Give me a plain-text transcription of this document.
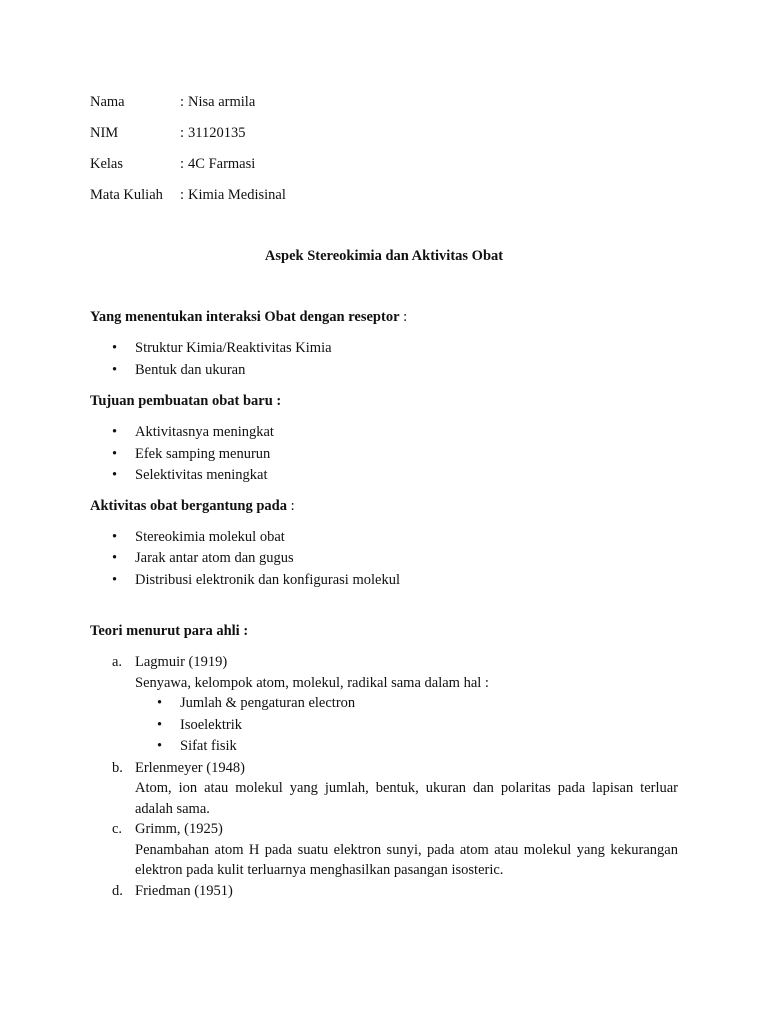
Nama	: Nisa armila
NIM	: 31120135
Kelas	: 4C Farmasi
Mata Kuliah	: Kimia Medisinal
Aspek Stereokimia dan Aktivitas Obat
Yang menentukan interaksi Obat dengan reseptor :
• Struktur Kimia/Reaktivitas Kimia
• Bentuk dan ukuran
Tujuan pembuatan obat baru :
• Aktivitasnya meningkat
• Efek samping menurun
• Selektivitas meningkat
Aktivitas obat bergantung pada :
• Stereokimia molekul obat
• Jarak antar atom dan gugus
• Distribusi elektronik dan konfigurasi molekul
Teori menurut para ahli :
a. Lagmuir (1919)
Senyawa, kelompok atom, molekul, radikal sama dalam hal :
• Jumlah & pengaturan electron
• Isoelektrik
• Sifat fisik
b. Erlenmeyer (1948)
Atom, ion atau molekul yang jumlah, bentuk, ukuran dan polaritas pada lapisan terluar adalah sama.
c. Grimm, (1925)
Penambahan atom H pada suatu elektron sunyi, pada atom atau molekul yang kekurangan elektron pada kulit terluarnya menghasilkan pasangan isosteric.
d. Friedman (1951)
